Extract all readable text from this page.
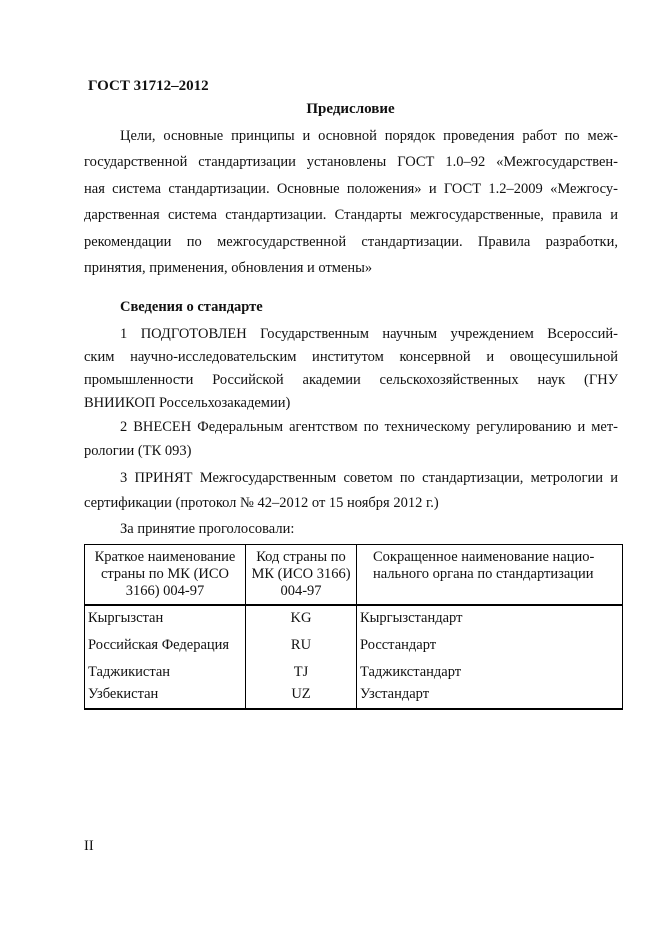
ГОСТ 31712–2012
Предисловие
Цели, основные принципы и основной порядок проведения работ по меж-
государственной стандартизации установлены ГОСТ 1.0–92 «Межгосударствен-
ная система стандартизации. Основные положения» и ГОСТ 1.2–2009 «Межгосу-
дарственная система стандартизации. Стандарты межгосударственные, правила и
рекомендации по межгосударственной стандартизации. Правила разработки,
принятия, применения, обновления и отмены»
Сведения о стандарте
1 ПОДГОТОВЛЕН Государственным научным учреждением Всероссий-
ским научно-исследовательским институтом консервной и овощесушильной
промышленности Российской академии сельскохозяйственных наук (ГНУ
ВНИИКОП Россельхозакадемии)
2 ВНЕСЕН Федеральным агентством по техническому регулированию и мет-
рологии (ТК 093)
3 ПРИНЯТ Межгосударственным советом по стандартизации, метрологии и
сертификации (протокол № 42–2012 от 15 ноября 2012 г.)
За принятие проголосовали:
Краткое наименование страны по МК (ИСО 3166) 004-97	Код страны по МК (ИСО 3166) 004-97	Сокращенное наименование нацио-нального органа по стандартизации
Кыргызстан	KG	Кыргызстандарт
Российская Федерация	RU	Росстандарт
Таджикистан	TJ	Таджикстандарт
Узбекистан	UZ	Узстандарт
II
